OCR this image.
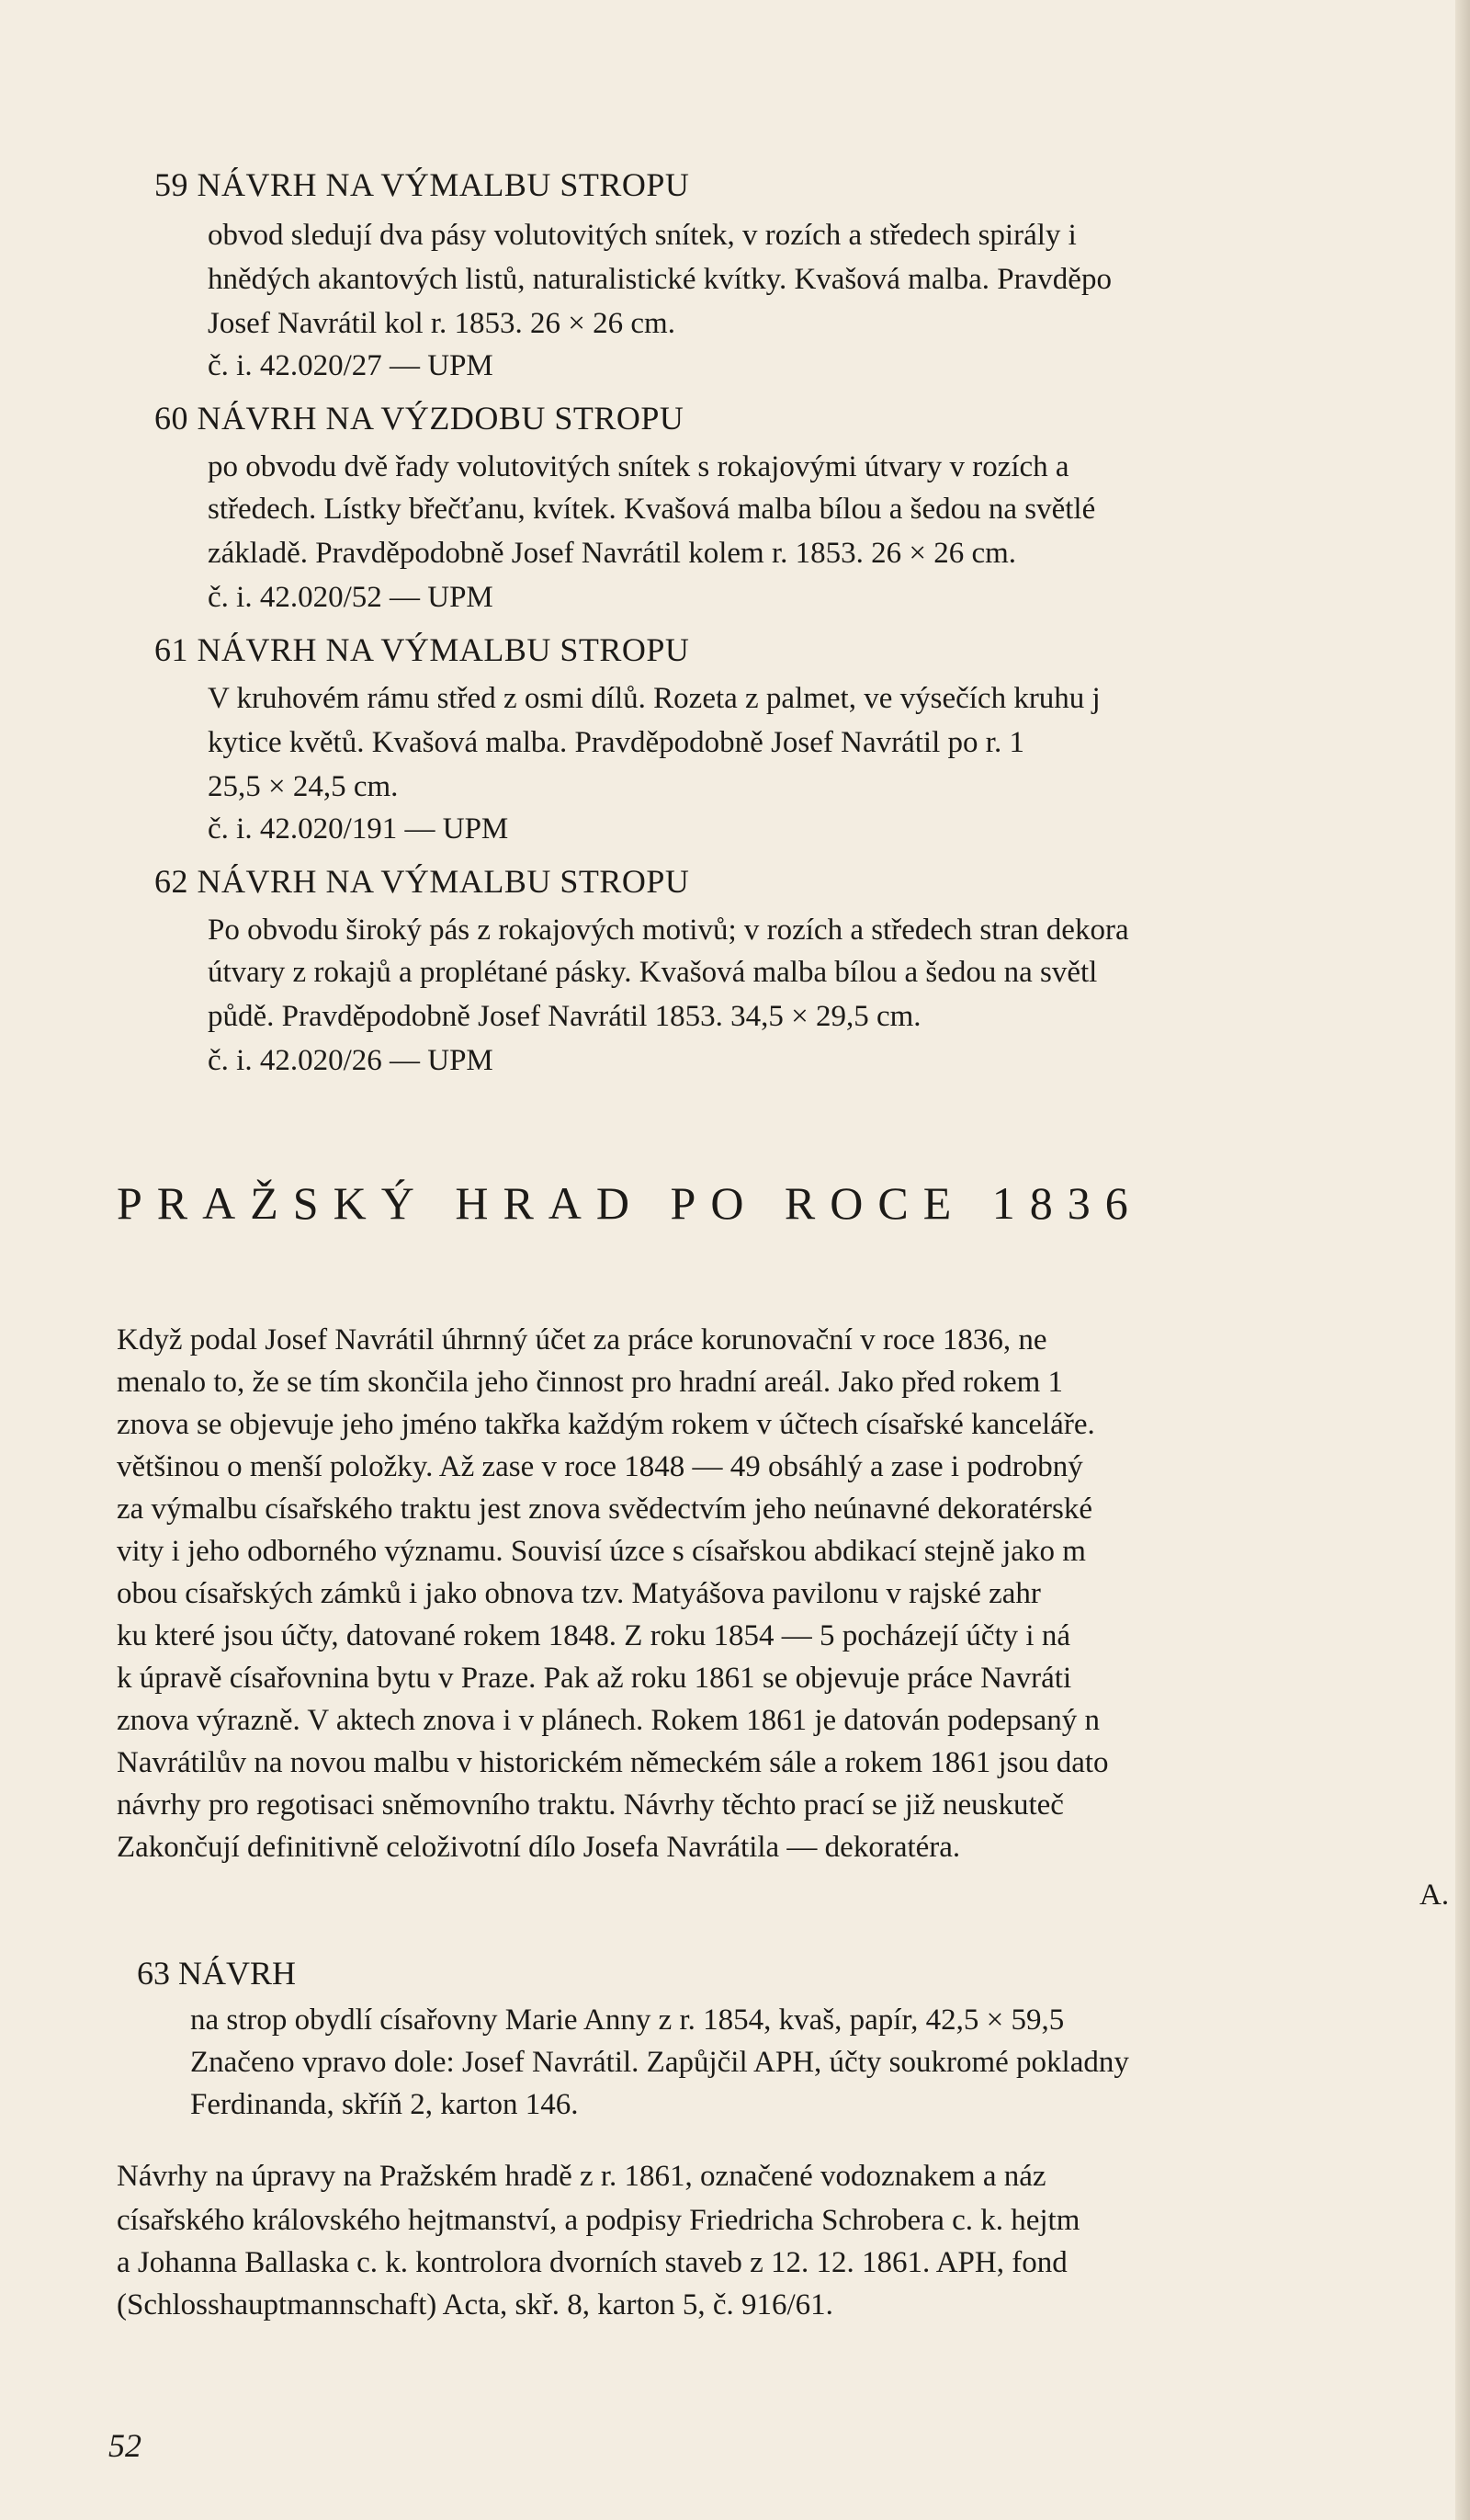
59 NÁVRH NA VÝMALBU STROPU
obvod sledují dva pásy volutovitých snítek, v rozích a středech spirály i
hnědých akantových listů, naturalistické kvítky. Kvašová malba. Pravděpo
Josef Navrátil kol r. 1853. 26 × 26 cm.
č. i. 42.020/27 — UPM
60 NÁVRH NA VÝZDOBU STROPU
po obvodu dvě řady volutovitých snítek s rokajovými útvary v rozích a
středech. Lístky břečťanu, kvítek. Kvašová malba bílou a šedou na světlé
základě. Pravděpodobně Josef Navrátil kolem r. 1853. 26 × 26 cm.
č. i. 42.020/52 — UPM
61 NÁVRH NA VÝMALBU STROPU
V kruhovém rámu střed z osmi dílů. Rozeta z palmet, ve výsečích kruhu j
kytice květů. Kvašová malba. Pravděpodobně Josef Navrátil po r. 1
25,5 × 24,5 cm.
č. i. 42.020/191 — UPM
62 NÁVRH NA VÝMALBU STROPU
Po obvodu široký pás z rokajových motivů; v rozích a středech stran dekora
útvary z rokajů a proplétané pásky. Kvašová malba bílou a šedou na světl
půdě. Pravděpodobně Josef Navrátil 1853. 34,5 × 29,5 cm.
č. i. 42.020/26 — UPM
PRAŽSKÝ HRAD PO ROCE 1836
Když podal Josef Navrátil úhrnný účet za práce korunovační v roce 1836, ne
menalo to, že se tím skončila jeho činnost pro hradní areál. Jako před rokem 1
znova se objevuje jeho jméno takřka každým rokem v účtech císařské kanceláře.
většinou o menší položky. Až zase v roce 1848 — 49 obsáhlý a zase i podrobný
za výmalbu císařského traktu jest znova svědectvím jeho neúnavné dekoratérské
vity i jeho odborného významu. Souvisí úzce s císařskou abdikací stejně jako m
obou císařských zámků i jako obnova tzv. Matyášova pavilonu v rajské zahr
ku které jsou účty, datované rokem 1848. Z roku 1854 — 5 pocházejí účty i ná
k úpravě císařovnina bytu v Praze. Pak až roku 1861 se objevuje práce Navráti
znova výrazně. V aktech znova i v plánech. Rokem 1861 je datován podepsaný n
Navrátilův na novou malbu v historickém německém sále a rokem 1861 jsou dato
návrhy pro regotisaci sněmovního traktu. Návrhy těchto prací se již neuskuteč
Zakončují definitivně celoživotní dílo Josefa Navrátila — dekoratéra.
A.
63 NÁVRH
na strop obydlí císařovny Marie Anny z r. 1854, kvaš, papír, 42,5 × 59,5
Značeno vpravo dole: Josef Navrátil. Zapůjčil APH, účty soukromé pokladny
Ferdinanda, skříň 2, karton 146.
Návrhy na úpravy na Pražském hradě z r. 1861, označené vodoznakem a náz
císařského královského hejtmanství, a podpisy Friedricha Schrobera c. k. hejtm
a Johanna Ballaska c. k. kontrolora dvorních staveb z 12. 12. 1861. APH, fond
(Schlosshauptmannschaft) Acta, skř. 8, karton 5, č. 916/61.
52
